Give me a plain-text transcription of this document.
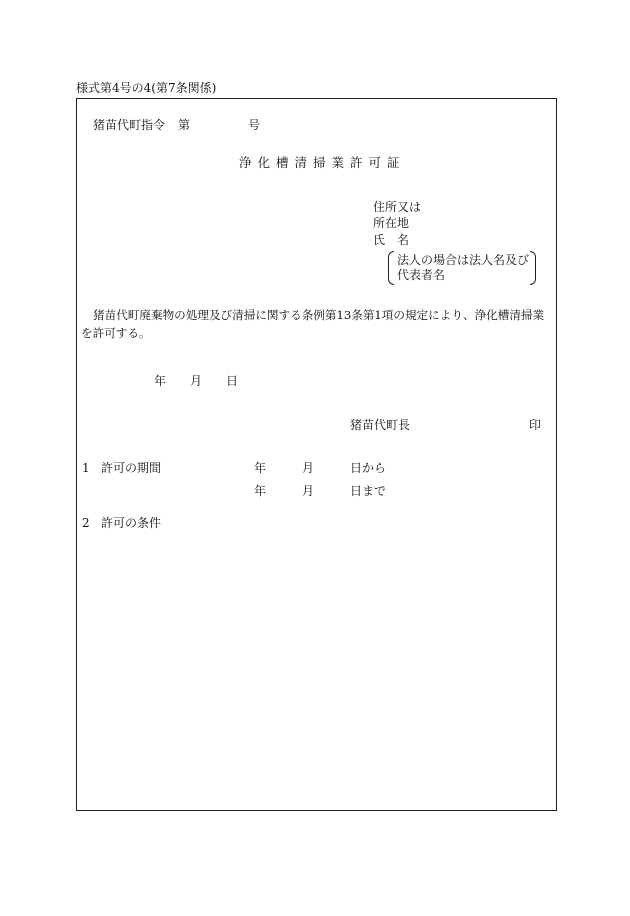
様式第4号の4(第7条関係)
猪苗代町指令 第	号
浄化槽清掃業許可証
住所又は
所在地
氏　名
法人の場合は法人名及び
代表者名
猪苗代町廃棄物の処理及び清掃に関する条例第13条第1項の規定により、浄化槽清掃業
を許可する。
年 月 日
猪苗代町長	印
1 許可の期間	年	月	日から
年	月	日まで
2 許可の条件
